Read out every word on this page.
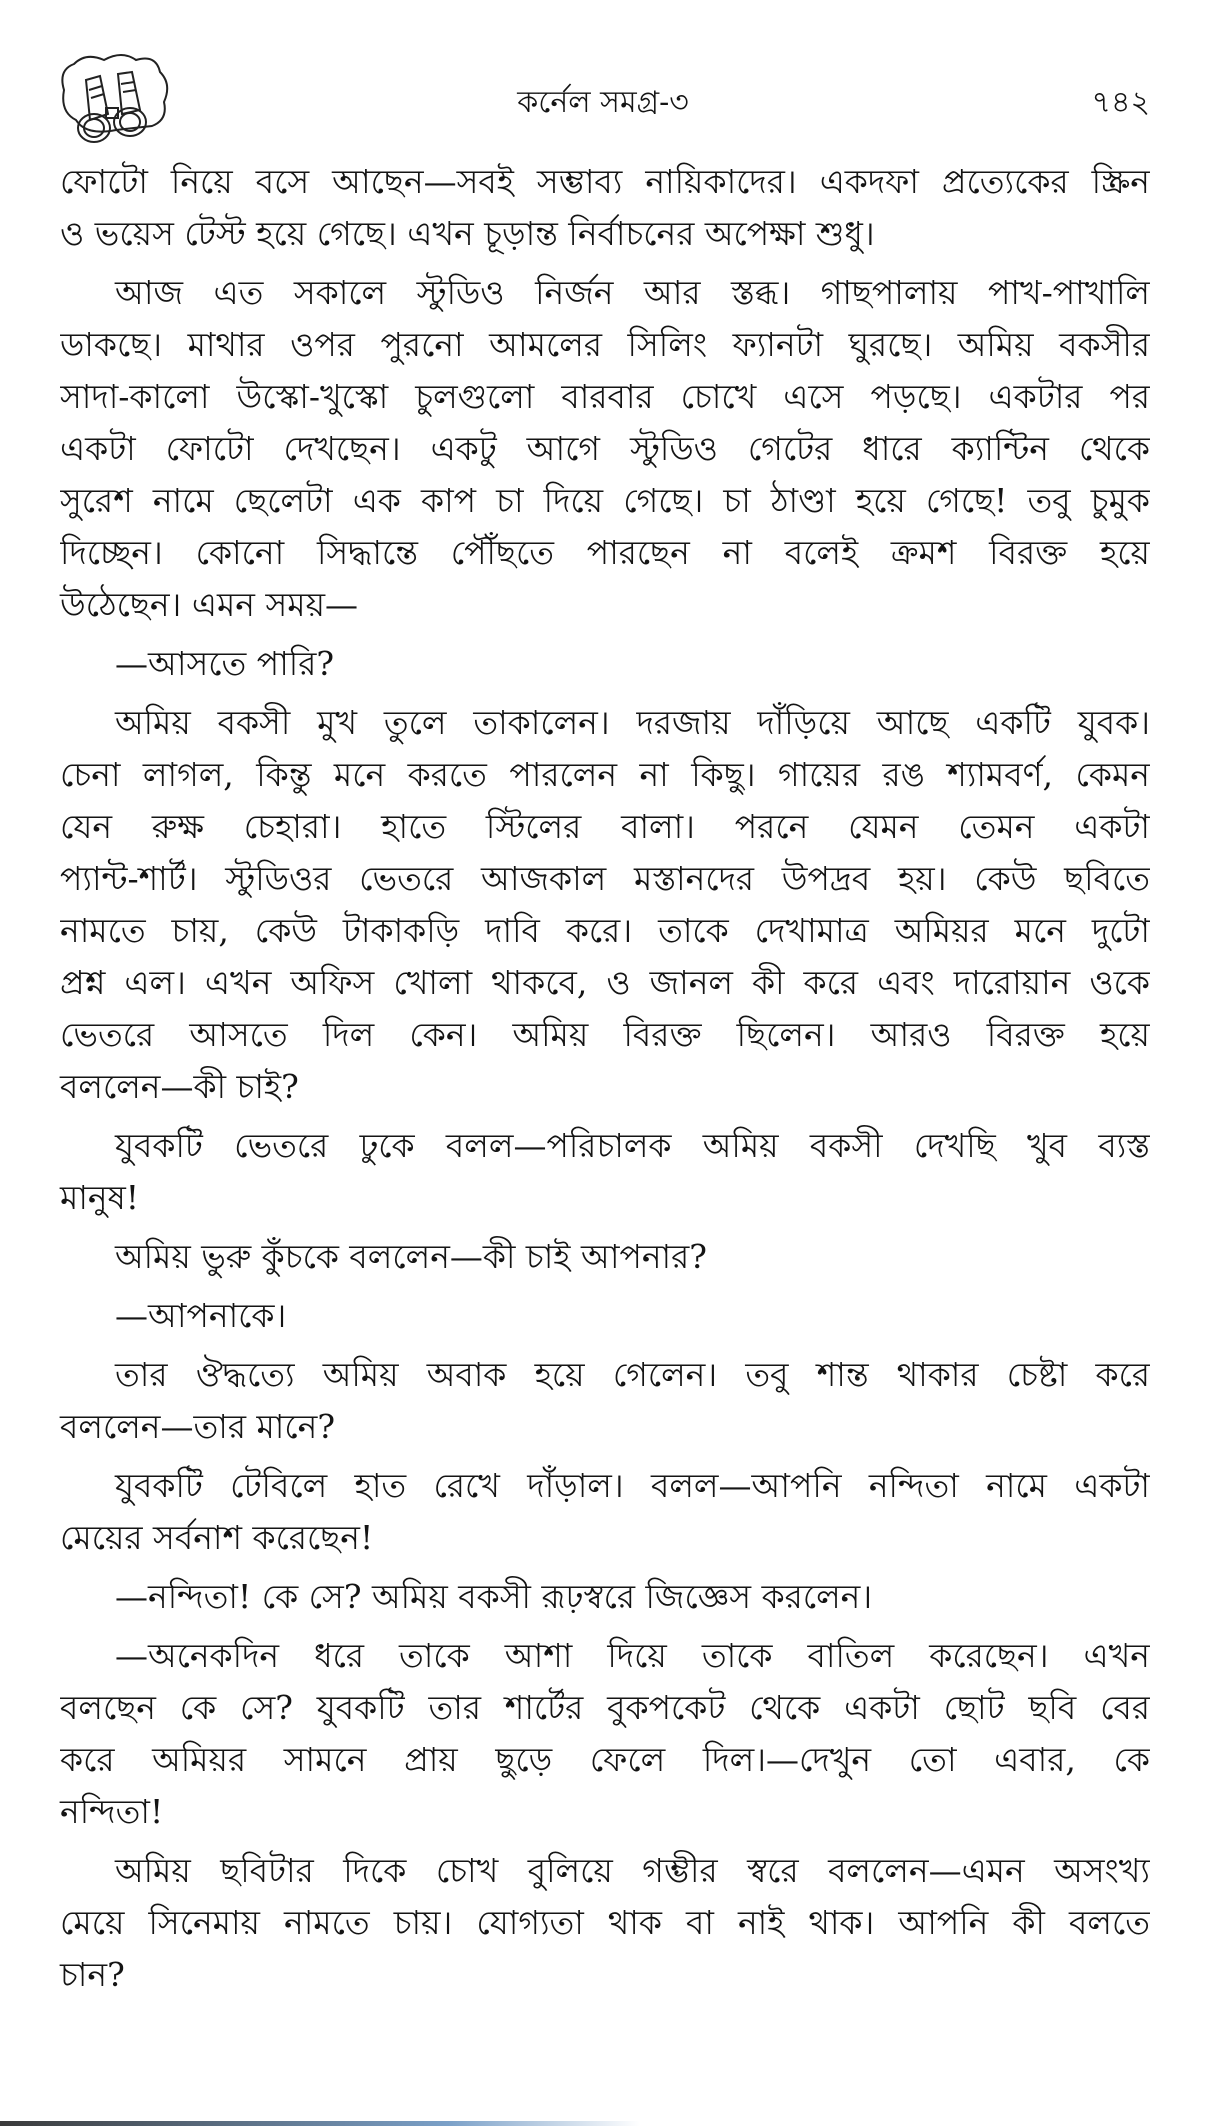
কর্নেল সমগ্র-৩	৭৪২
ফোটো নিয়ে বসে আছেন—সবই সম্ভাব্য নায়িকাদের। একদফা প্রত্যেকের স্ক্রিন
ও ভয়েস টেস্ট হয়ে গেছে। এখন চূড়ান্ত নির্বাচনের অপেক্ষা শুধু।
আজ এত সকালে স্টুডিও নির্জন আর স্তব্ধ। গাছপালায় পাখ-পাখালি
ডাকছে। মাথার ওপর পুরনো আমলের সিলিং ফ্যানটা ঘুরছে। অমিয় বকসীর
সাদা-কালো উস্কো-খুস্কো চুলগুলো বারবার চোখে এসে পড়ছে। একটার পর
একটা ফোটো দেখছেন। একটু আগে স্টুডিও গেটের ধারে ক্যান্টিন থেকে
সুরেশ নামে ছেলেটা এক কাপ চা দিয়ে গেছে। চা ঠাণ্ডা হয়ে গেছে! তবু চুমুক
দিচ্ছেন। কোনো সিদ্ধান্তে পৌঁছতে পারছেন না বলেই ক্রমশ বিরক্ত হয়ে
উঠেছেন। এমন সময়—
—আসতে পারি?
অমিয় বকসী মুখ তুলে তাকালেন। দরজায় দাঁড়িয়ে আছে একটি যুবক।
চেনা লাগল, কিন্তু মনে করতে পারলেন না কিছু। গায়ের রঙ শ্যামবর্ণ, কেমন
যেন রুক্ষ চেহারা। হাতে স্টিলের বালা। পরনে যেমন তেমন একটা
প্যান্ট-শার্ট। স্টুডিওর ভেতরে আজকাল মস্তানদের উপদ্রব হয়। কেউ ছবিতে
নামতে চায়, কেউ টাকাকড়ি দাবি করে। তাকে দেখামাত্র অমিয়র মনে দুটো
প্রশ্ন এল। এখন অফিস খোলা থাকবে, ও জানল কী করে এবং দারোয়ান ওকে
ভেতরে আসতে দিল কেন। অমিয় বিরক্ত ছিলেন। আরও বিরক্ত হয়ে
বললেন—কী চাই?
যুবকটি ভেতরে ঢুকে বলল—পরিচালক অমিয় বকসী দেখছি খুব ব্যস্ত
মানুষ!
অমিয় ভুরু কুঁচকে বললেন—কী চাই আপনার?
—আপনাকে।
তার ঔদ্ধত্যে অমিয় অবাক হয়ে গেলেন। তবু শান্ত থাকার চেষ্টা করে
বললেন—তার মানে?
যুবকটি টেবিলে হাত রেখে দাঁড়াল। বলল—আপনি নন্দিতা নামে একটা
মেয়ের সর্বনাশ করেছেন!
—নন্দিতা! কে সে? অমিয় বকসী রূঢ়স্বরে জিজ্ঞেস করলেন।
—অনেকদিন ধরে তাকে আশা দিয়ে তাকে বাতিল করেছেন। এখন
বলছেন কে সে? যুবকটি তার শার্টের বুকপকেট থেকে একটা ছোট ছবি বের
করে অমিয়র সামনে প্রায় ছুড়ে ফেলে দিল।—দেখুন তো এবার, কে
নন্দিতা!
অমিয় ছবিটার দিকে চোখ বুলিয়ে গম্ভীর স্বরে বললেন—এমন অসংখ্য
মেয়ে সিনেমায় নামতে চায়। যোগ্যতা থাক বা নাই থাক। আপনি কী বলতে
চান?
